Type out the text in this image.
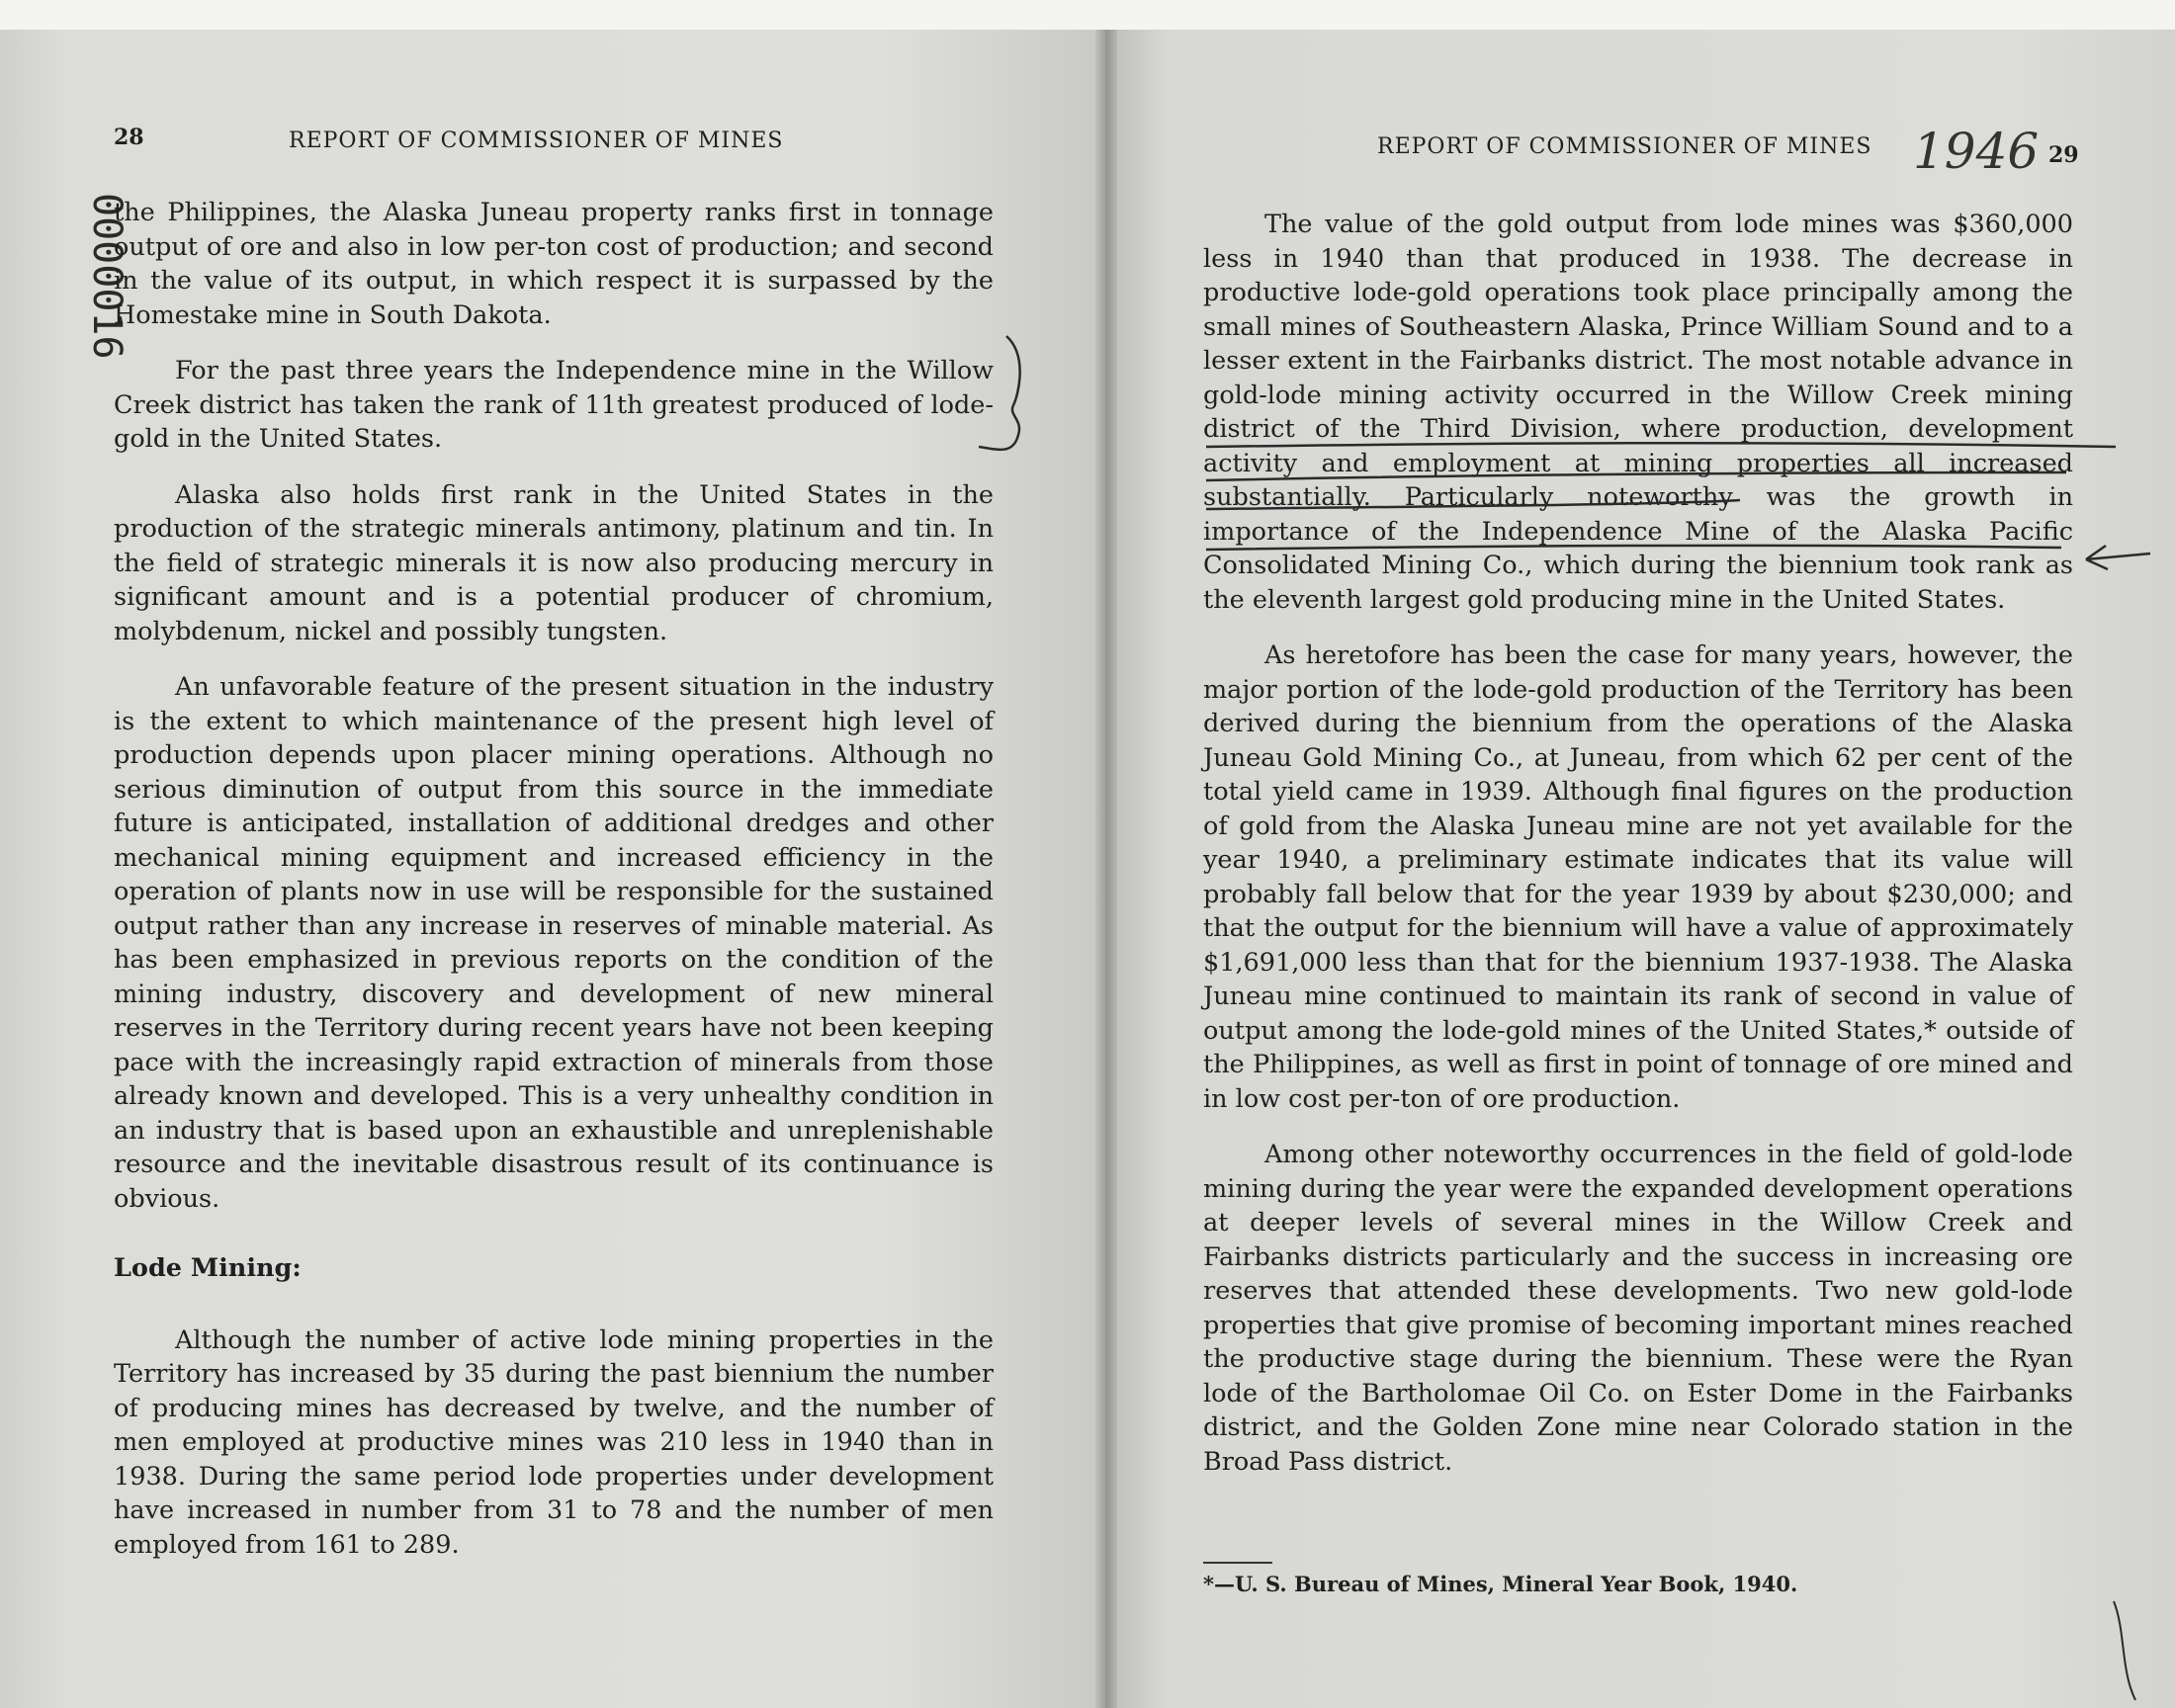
28	REPORT OF COMMISSIONER OF MINES
0000016

the Philippines, the Alaska Juneau property ranks first in tonnage output of ore and also in low per-ton cost of production; and second in the value of its output, in which respect it is surpassed by the Homestake mine in South Dakota.

For the past three years the Independence mine in the Willow Creek district has taken the rank of 11th greatest produced of lode-gold in the United States.

Alaska also holds first rank in the United States in the production of the strategic minerals antimony, platinum and tin. In the field of strategic minerals it is now also producing mercury in significant amount and is a potential producer of chromium, molybdenum, nickel and possibly tungsten.

An unfavorable feature of the present situation in the industry is the extent to which maintenance of the present high level of production depends upon placer mining operations. Although no serious diminution of output from this source in the immediate future is anticipated, installation of additional dredges and other mechanical mining equipment and increased efficiency in the operation of plants now in use will be responsible for the sustained output rather than any increase in reserves of minable material. As has been emphasized in previous reports on the condition of the mining industry, discovery and development of new mineral reserves in the Territory during recent years have not been keeping pace with the increasingly rapid extraction of minerals from those already known and developed. This is a very unhealthy condition in an industry that is based upon an exhaustible and unreplenishable resource and the inevitable disastrous result of its continuance is obvious.

Lode Mining:

Although the number of active lode mining properties in the Territory has increased by 35 during the past biennium the number of producing mines has decreased by twelve, and the number of men employed at productive mines was 210 less in 1940 than in 1938. During the same period lode properties under development have increased in number from 31 to 78 and the number of men employed from 161 to 289.

REPORT OF COMMISSIONER OF MINES 1946 29

The value of the gold output from lode mines was $360,000 less in 1940 than that produced in 1938. The decrease in productive lode-gold operations took place principally among the small mines of Southeastern Alaska, Prince William Sound and to a lesser extent in the Fairbanks district. The most notable advance in gold-lode mining activity occurred in the Willow Creek mining district of the Third Division, where production, development activity and employment at mining properties all increased substantially. Particularly noteworthy was the growth in importance of the Independence Mine of the Alaska Pacific Consolidated Mining Co., which during the biennium took rank as the eleventh largest gold producing mine in the United States.

As heretofore has been the case for many years, however, the major portion of the lode-gold production of the Territory has been derived during the biennium from the operations of the Alaska Juneau Gold Mining Co., at Juneau, from which 62 per cent of the total yield came in 1939. Although final figures on the production of gold from the Alaska Juneau mine are not yet available for the year 1940, a preliminary estimate indicates that its value will probably fall below that for the year 1939 by about $230,000; and that the output for the biennium will have a value of approximately $1,691,000 less than that for the biennium 1937-1938. The Alaska Juneau mine continued to maintain its rank of second in value of output among the lode-gold mines of the United States,* outside of the Philippines, as well as first in point of tonnage of ore mined and in low cost per-ton of ore production.

Among other noteworthy occurrences in the field of gold-lode mining during the year were the expanded development operations at deeper levels of several mines in the Willow Creek and Fairbanks districts particularly and the success in increasing ore reserves that attended these developments. Two new gold-lode properties that give promise of becoming important mines reached the productive stage during the biennium. These were the Ryan lode of the Bartholomae Oil Co. on Ester Dome in the Fairbanks district, and the Golden Zone mine near Colorado station in the Broad Pass district.

*—U. S. Bureau of Mines, Mineral Year Book, 1940.
